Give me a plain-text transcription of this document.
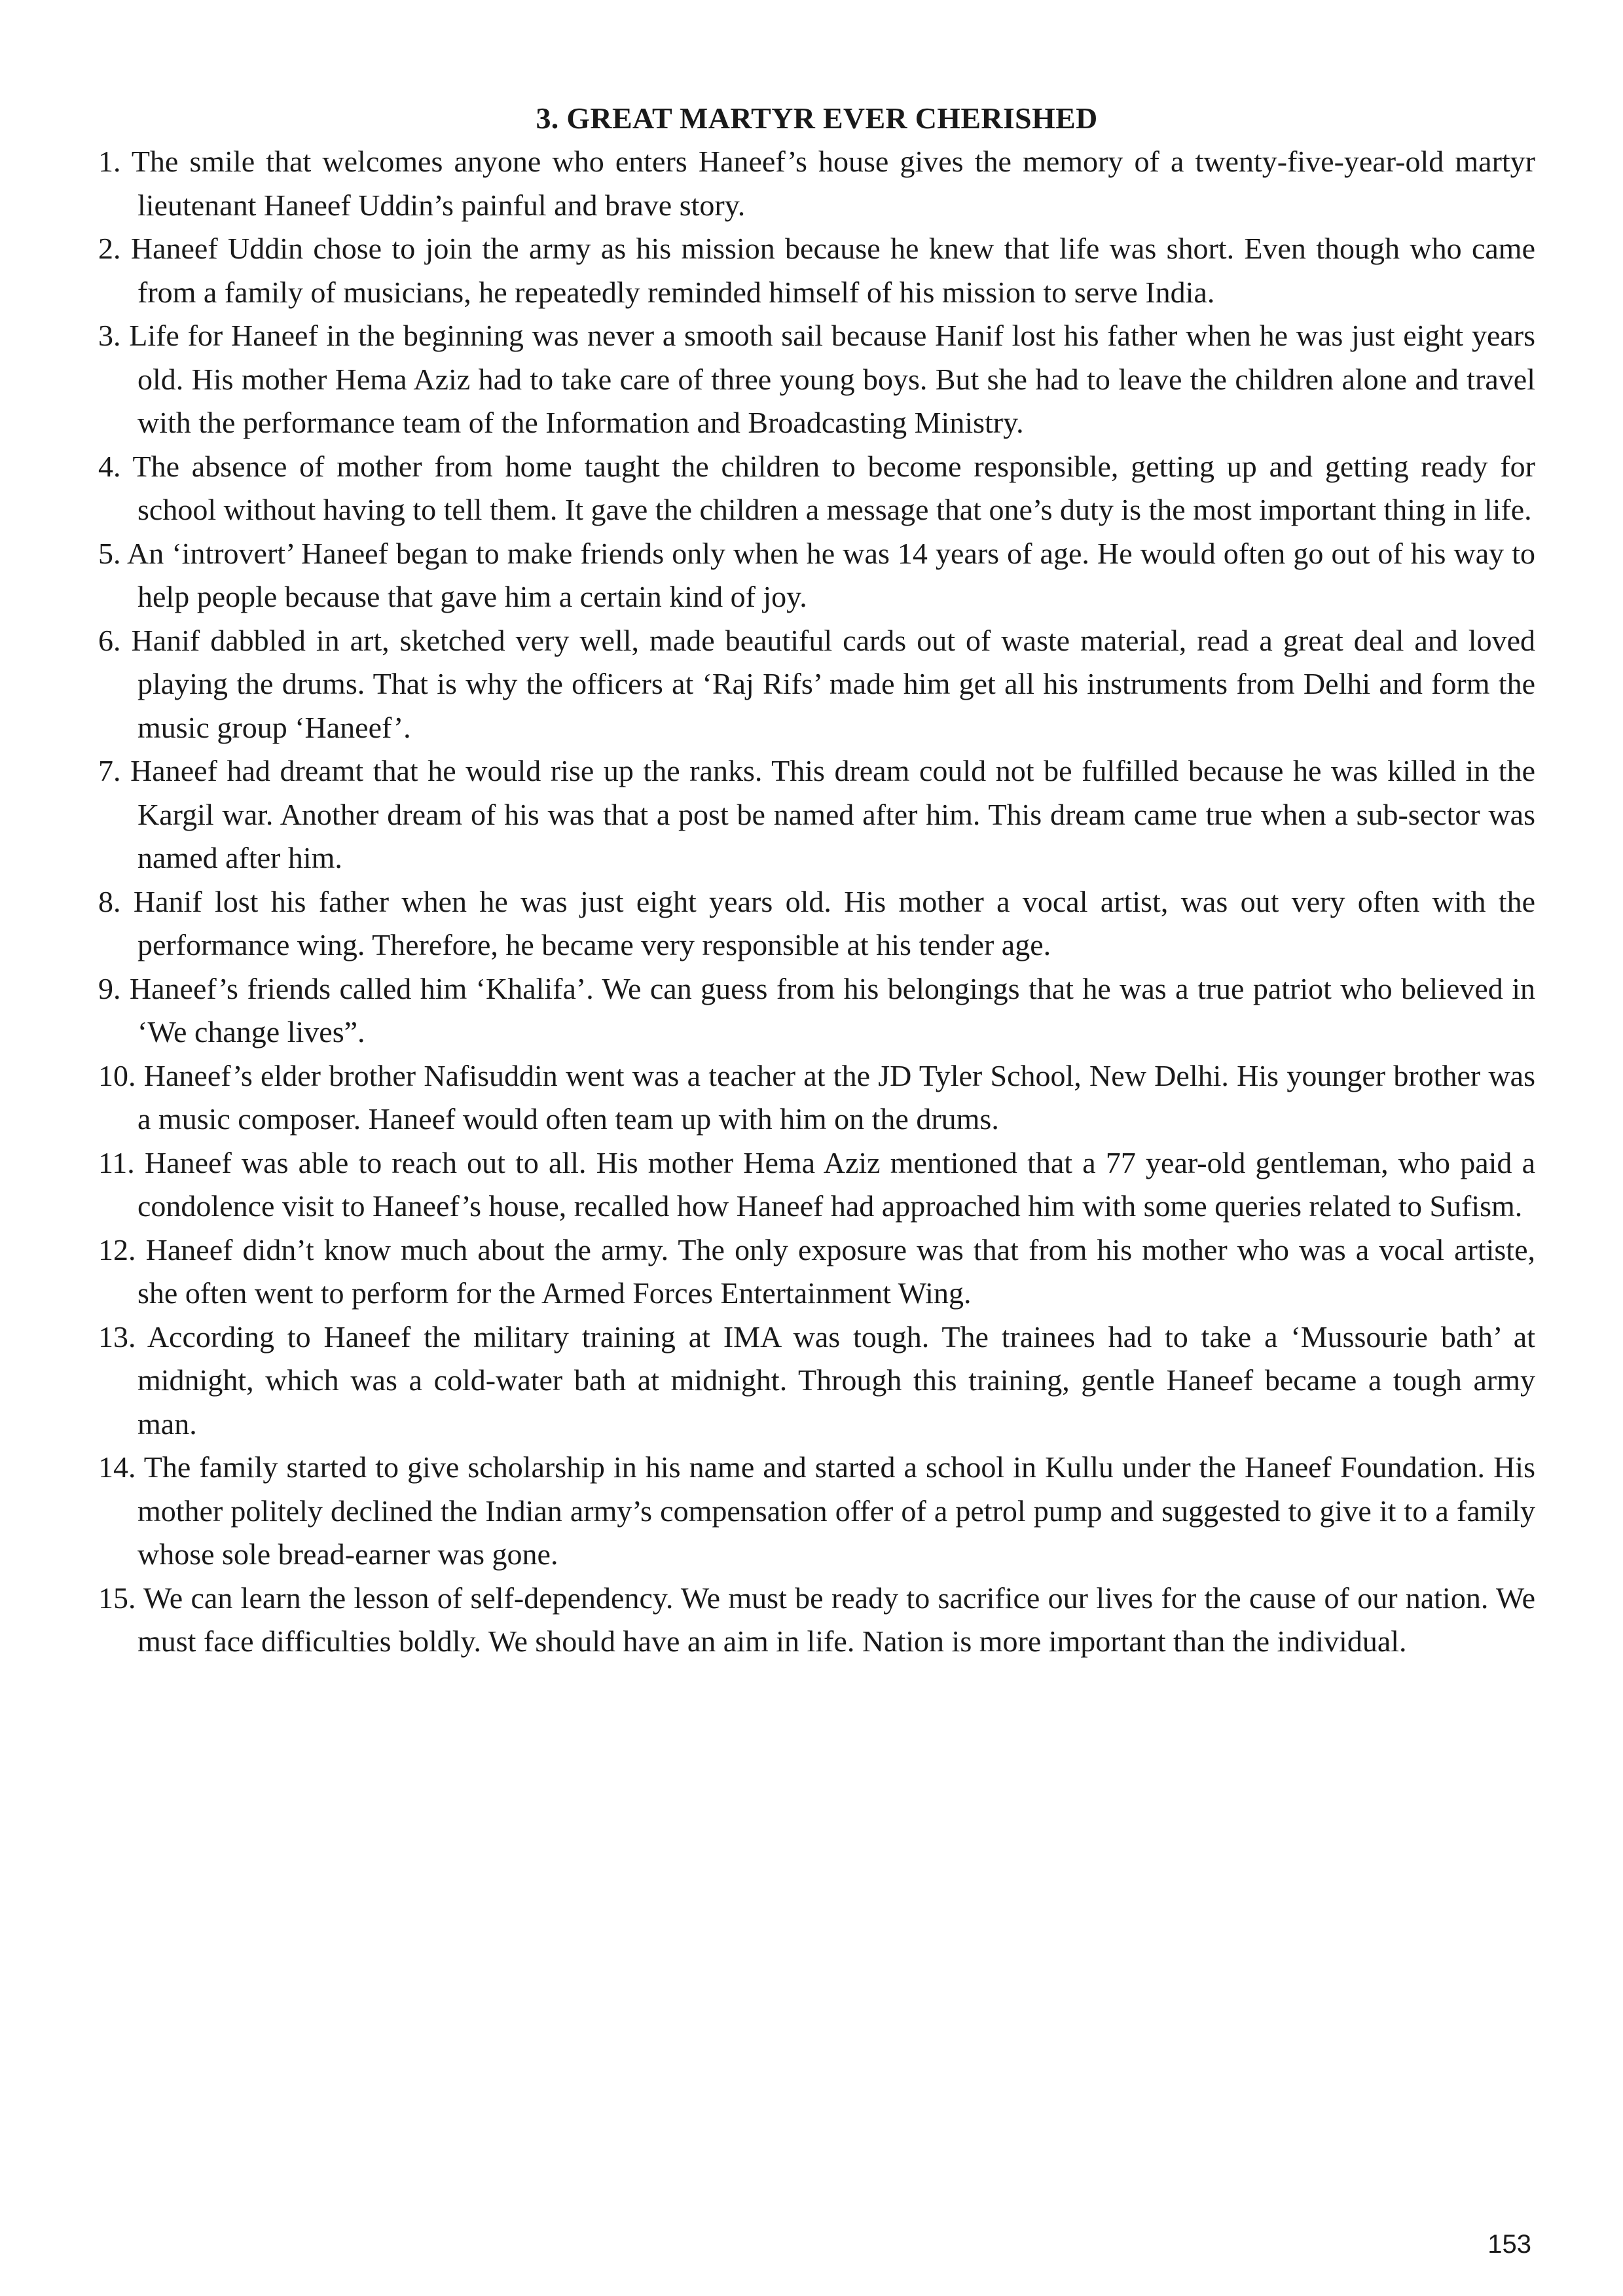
3. GREAT MARTYR EVER CHERISHED
1. The smile that welcomes anyone who enters Haneef’s house gives the memory of a twenty-five-year-old martyr lieutenant Haneef Uddin’s painful and brave story.
2. Haneef Uddin chose to join the army as his mission because he knew that life was short. Even though who came from a family of musicians, he repeatedly reminded himself of his mission to serve India.
3. Life for Haneef in the beginning was never a smooth sail because Hanif lost his father when he was just eight years old. His mother Hema Aziz had to take care of three young boys. But she had to leave the children alone and travel with the performance team of the Information and Broadcasting Ministry.
4. The absence of mother from home taught the children to become responsible, getting up and getting ready for school without having to tell them. It gave the children a message that one’s duty is the most important thing in life.
5. An ‘introvert’ Haneef began to make friends only when he was 14 years of age. He would often go out of his way to help people because that gave him a certain kind of joy.
6. Hanif dabbled in art, sketched very well, made beautiful cards out of waste material, read a great deal and loved playing the drums. That is why the officers at ‘Raj Rifs’ made him get all his instruments from Delhi and form the music group ‘Haneef’.
7. Haneef had dreamt that he would rise up the ranks. This dream could not be fulfilled because he was killed in the Kargil war. Another dream of his was that a post be named after him. This dream came true when a sub-sector was named after him.
8. Hanif lost his father when he was just eight years old. His mother a vocal artist, was out very often with the performance wing. Therefore, he became very responsible at his tender age.
9. Haneef’s friends called him ‘Khalifa’. We can guess from his belongings that he was a true patriot who believed in ‘We change lives”.
10. Haneef’s elder brother Nafisuddin went was a teacher at the JD Tyler School, New Delhi. His younger brother was a music composer. Haneef would often team up with him on the drums.
11. Haneef was able to reach out to all. His mother Hema Aziz mentioned that a 77 year-old gentleman, who paid a condolence visit to Haneef’s house, recalled how Haneef had approached him with some queries related to Sufism.
12. Haneef didn’t know much about the army. The only exposure was that from his mother who was a vocal artiste, she often went to perform for the Armed Forces Entertainment Wing.
13. According to Haneef the military training at IMA was tough. The trainees had to take a ‘Mussourie bath’ at midnight, which was a cold-water bath at midnight. Through this training, gentle Haneef became a tough army man.
14. The family started to give scholarship in his name and started a school in Kullu under the Haneef Foundation. His mother politely declined the Indian army’s compensation offer of a petrol pump and suggested to give it to a family whose sole bread-earner was gone.
15. We can learn the lesson of self-dependency. We must be ready to sacrifice our lives for the cause of our nation. We must face difficulties boldly. We should have an aim in life. Nation is more important than the individual.
153
